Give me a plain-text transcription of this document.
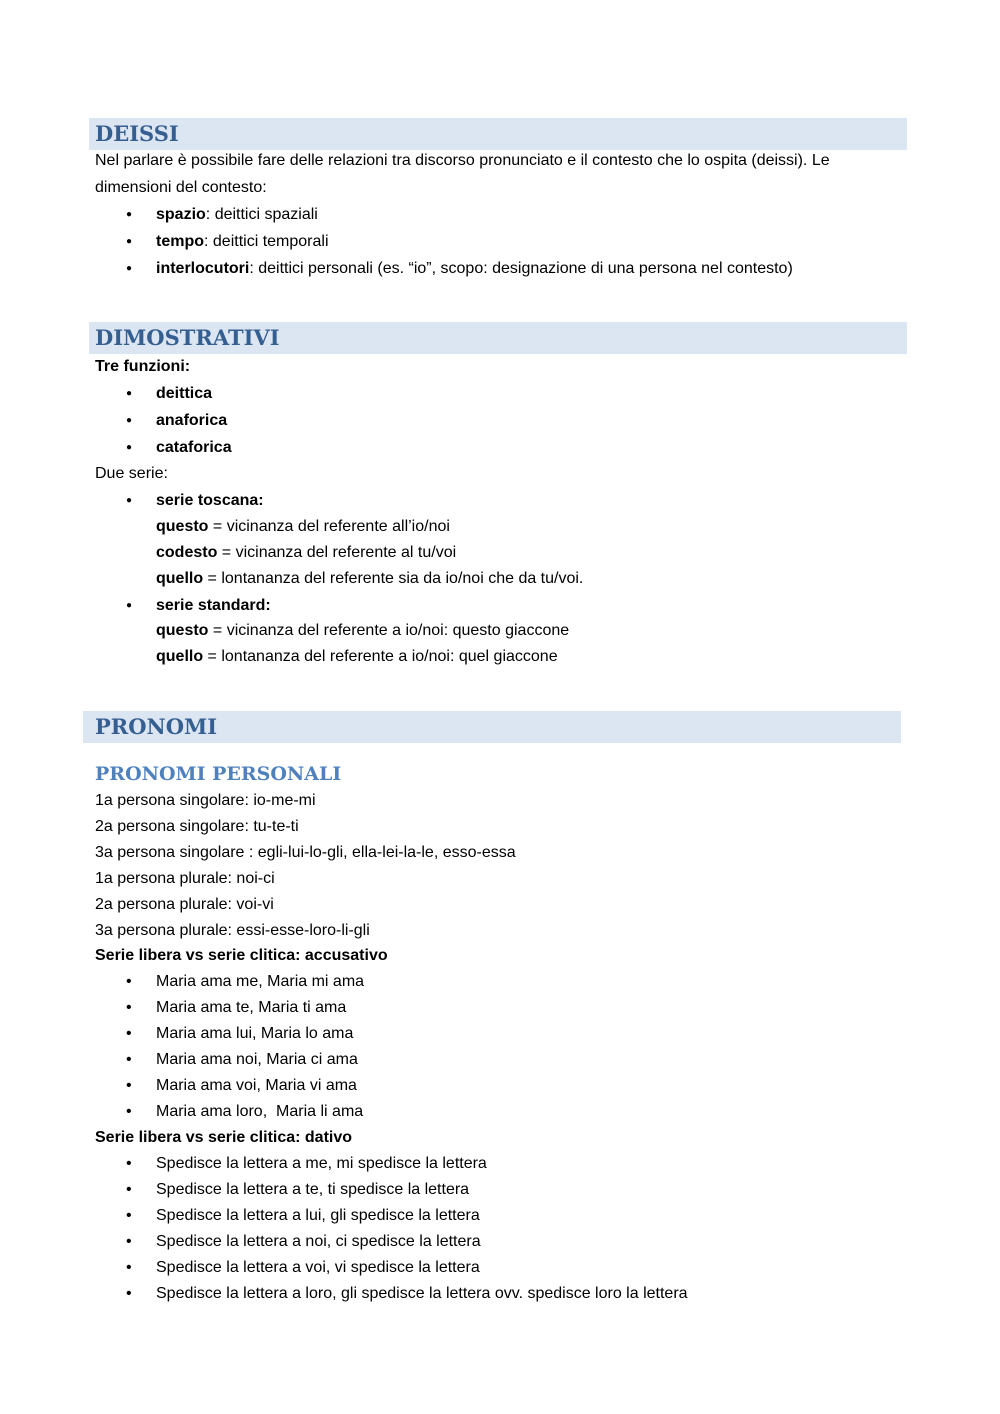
DEISSI
Nel parlare è possibile fare delle relazioni tra discorso pronunciato e il contesto che lo ospita (deissi). Le
dimensioni del contesto:
●
spazio: deittici spaziali
●
tempo: deittici temporali
●
interlocutori: deittici personali (es. “io”, scopo: designazione di una persona nel contesto)
DIMOSTRATIVI
Tre funzioni:
●
deittica
●
anaforica
●
cataforica
Due serie:
●
serie toscana:
questo = vicinanza del referente all’io/noi
codesto = vicinanza del referente al tu/voi
quello = lontananza del referente sia da io/noi che da tu/voi.
●
serie standard:
questo = vicinanza del referente a io/noi: questo giaccone
quello = lontananza del referente a io/noi: quel giaccone
PRONOMI
PRONOMI PERSONALI
1a persona singolare: io-me-mi
2a persona singolare: tu-te-ti
3a persona singolare : egli-lui-lo-gli, ella-lei-la-le, esso-essa
1a persona plurale: noi-ci
2a persona plurale: voi-vi
3a persona plurale: essi-esse-loro-li-gli
Serie libera vs serie clitica: accusativo
•
Maria ama me, Maria mi ama
•
Maria ama te, Maria ti ama
•
Maria ama lui, Maria lo ama
•
Maria ama noi, Maria ci ama
•
Maria ama voi, Maria vi ama
•
Maria ama loro,  Maria li ama
Serie libera vs serie clitica: dativo
•
Spedisce la lettera a me, mi spedisce la lettera
•
Spedisce la lettera a te, ti spedisce la lettera
•
Spedisce la lettera a lui, gli spedisce la lettera
•
Spedisce la lettera a noi, ci spedisce la lettera
•
Spedisce la lettera a voi, vi spedisce la lettera
•
Spedisce la lettera a loro, gli spedisce la lettera ovv. spedisce loro la lettera
